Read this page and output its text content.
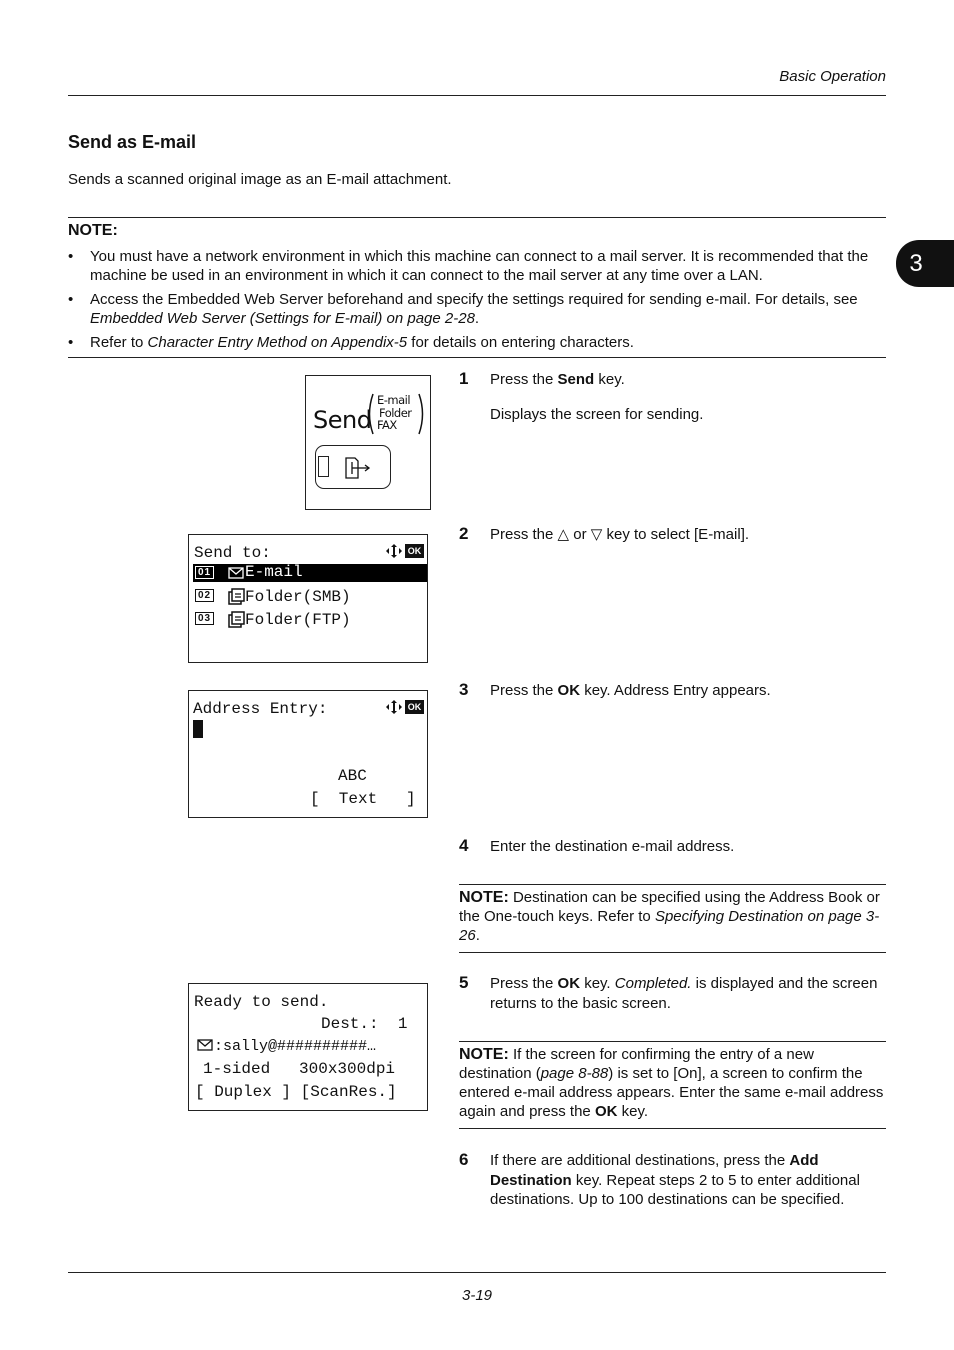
Basic Operation
3
Send as E-mail
Sends a scanned original image as an E-mail attachment.
NOTE:
• You must have a network environment in which this machine can connect to a mail server. It is recommended that the machine be used in an environment in which it can connect to the mail server at any time over a LAN.
• Access the Embedded Web Server beforehand and specify the settings required for sending e-mail. For details, see Embedded Web Server (Settings for E-mail) on page 2-28.
• Refer to Character Entry Method on Appendix-5 for details on entering characters.
Send
E-mail
Folder
FAX
1 Press the Send key.
Displays the screen for sending.
Send to:	OK
01 E-mail
02 Folder(SMB)
03 Folder(FTP)
2 Press the △ or ▽ key to select [E-mail].
Address Entry:	OK
ABC
[  Text   ]
3 Press the OK key. Address Entry appears.
4 Enter the destination e-mail address.
NOTE: Destination can be specified using the Address Book or the One-touch keys. Refer to Specifying Destination on page 3-26.
Ready to send.
Dest.:  1
:sally@##########…
1-sided   300x300dpi
[ Duplex ] [ScanRes.]
5 Press the OK key. Completed. is displayed and the screen returns to the basic screen.
NOTE: If the screen for confirming the entry of a new destination (page 8-88) is set to [On], a screen to confirm the entered e-mail address appears. Enter the same e-mail address again and press the OK key.
6 If there are additional destinations, press the Add Destination key. Repeat steps 2 to 5 to enter additional destinations. Up to 100 destinations can be specified.
3-19
